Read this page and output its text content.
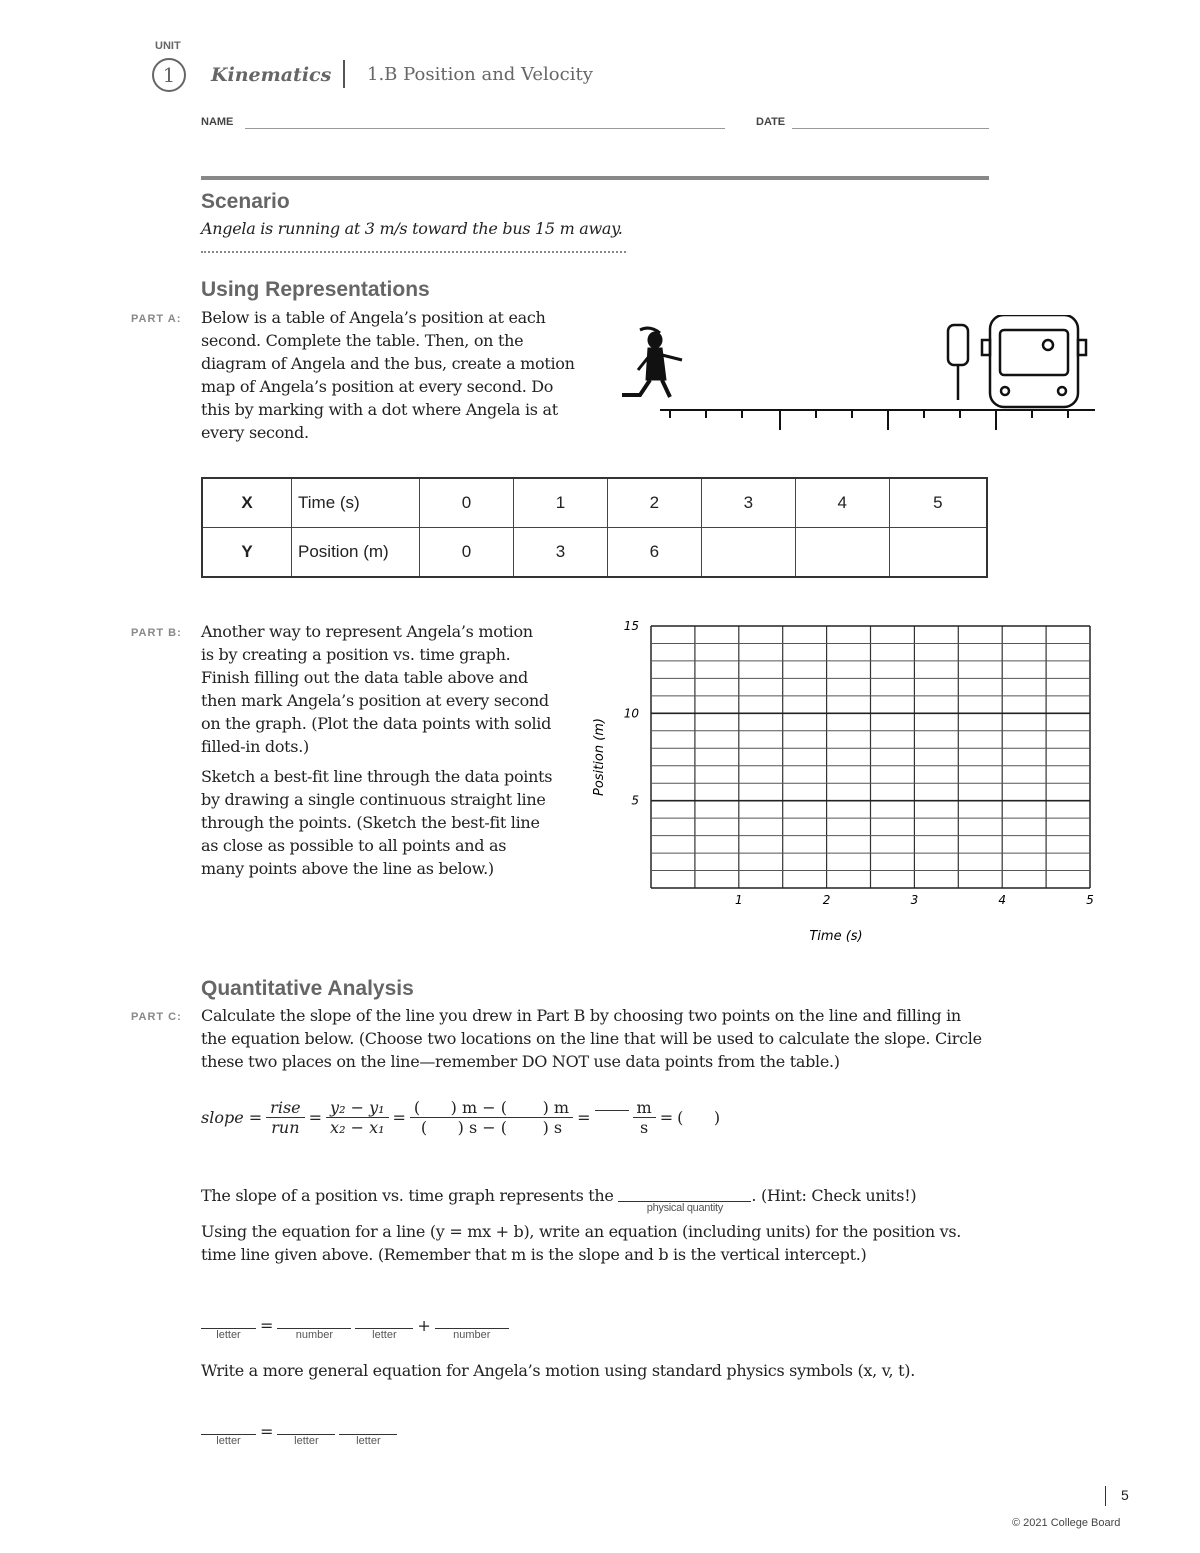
UNIT
1	Kinematics 1.B Position and Velocity
NAME	DATE
Scenario
Angela is running at 3 m/s toward the bus 15 m away.
Using Representations
PART A: Below is a table of Angela’s position at each
second. Complete the table. Then, on the
diagram of Angela and the bus, create a motion
map of Angela’s position at every second. Do
this by marking with a dot where Angela is at
every second.
X	Time (s)	0	1	2	3	4	5
Y	Position (m)	0	3	6			
PART B: Another way to represent Angela’s motion
is by creating a position vs. time graph.
Finish filling out the data table above and
then mark Angela’s position at every second
on the graph. (Plot the data points with solid
filled-in dots.)
Sketch a best-fit line through the data points
by drawing a single continuous straight line
through the points. (Sketch the best-fit line
as close as possible to all points and as
many points above the line as below.)
1	2	3	4	5
5
10
15
Time (s)
Position (m)
Quantitative Analysis
PART C: Calculate the slope of the line you drew in Part B by choosing two points on the line and filling in
the equation below. (Choose two locations on the line that will be used to calculate the slope. Circle
these two places on the line—remember DO NOT use data points from the table.)
slope = $\frac{\text{rise}}{\text{run}} = \frac{\text{y₂ − y₁}}{\text{x₂ − x₁}} = \frac{( ) m - ( ) m}{( ) s - ( ) s}$ =	$\frac{m}{s}$ = (      )
The slope of a position vs. time graph represents the
physical quantity
. (Hint: Check units!)
Using the equation for a line (y = mx + b), write an equation (including units) for the position vs.
time line given above. (Remember that m is the slope and b is the vertical intercept.)
letter	=	number	letter	+	number
Write a more general equation for Angela’s motion using standard physics symbols (x, v, t).
letter	=	letter	letter
5
© 2021 College Board
